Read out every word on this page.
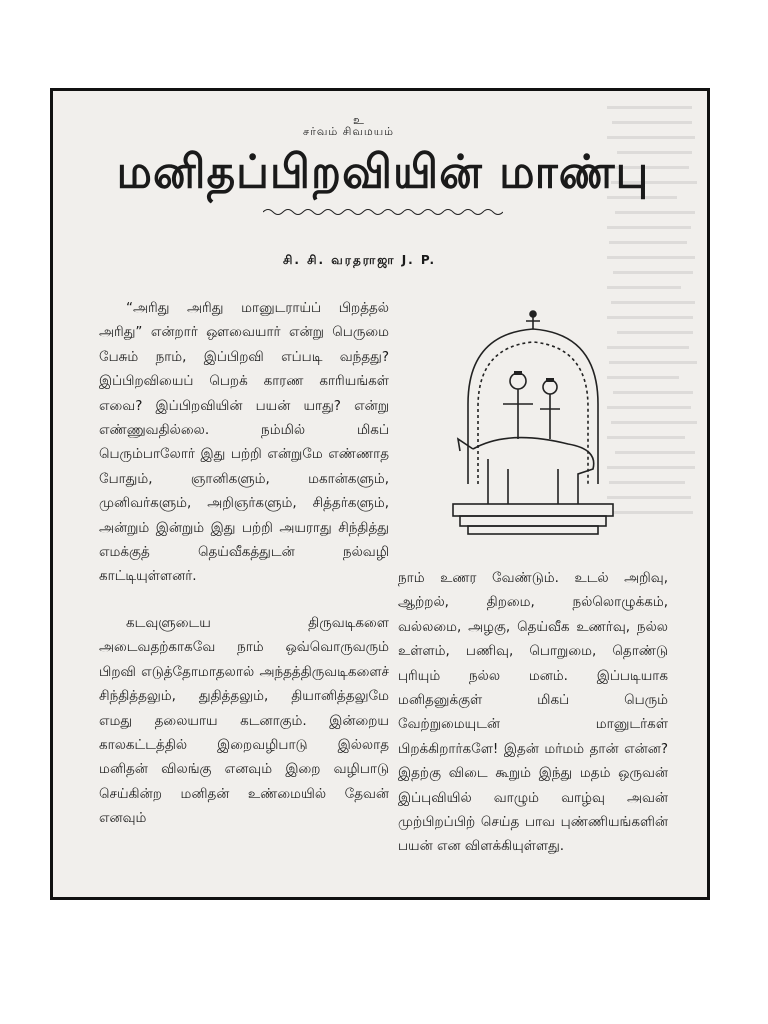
உ
சர்வம் சிவமயம்
மனிதப்பிறவியின் மாண்பு
சி. சி. வரதராஜா J. P.

“அரிது அரிது மானுடராய்ப் பிறத்தல் அரிது” என்றார் ஔவையார் என்று பெருமை பேசும் நாம், இப்பிறவி எப்படி வந்தது? இப்பிறவியைப் பெறக் காரண காரியங்கள் எவை? இப்பிறவியின் பயன் யாது? என்று எண்ணுவதில்லை. நம்மில் மிகப் பெரும்பாலோர் இது பற்றி என்றுமே எண்ணாத போதும், ஞானிகளும், மகான்களும், முனிவர்களும், அறிஞர்களும், சித்தர்களும், அன்றும் இன்றும் இது பற்றி அயராது சிந்தித்து எமக்குத் தெய்வீகத்துடன் நல்வழி காட்டியுள்ளனர்.

கடவுளுடைய திருவடிகளை அடைவதற்காகவே நாம் ஒவ்வொருவரும் பிறவி எடுத்தோமாதலால் அந்தத்திருவடிகளைச் சிந்தித்தலும், துதித்தலும், தியானித்தலுமே எமது தலையாய கடனாகும். இன்றைய காலகட்டத்தில் இறைவழிபாடு இல்லாத மனிதன் விலங்கு எனவும் இறை வழிபாடு செய்கின்ற மனிதன் உண்மையில் தேவன் எனவும்

நாம் உணர வேண்டும். உடல் அறிவு, ஆற்றல், திறமை, நல்லொழுக்கம், வல்லமை, அழகு, தெய்வீக உணர்வு, நல்ல உள்ளம், பணிவு, பொறுமை, தொண்டு புரியும் நல்ல மனம். இப்படியாக மனிதனுக்குள் மிகப் பெரும் வேற்றுமையுடன் மானுடர்கள் பிறக்கிறார்களே! இதன் மர்மம் தான் என்ன? இதற்கு விடை கூறும் இந்து மதம் ஒருவன் இப்புவியில் வாழும் வாழ்வு அவன் முற்பிறப்பிற் செய்த பாவ புண்ணியங்களின் பயன் என விளக்கியுள்ளது.
